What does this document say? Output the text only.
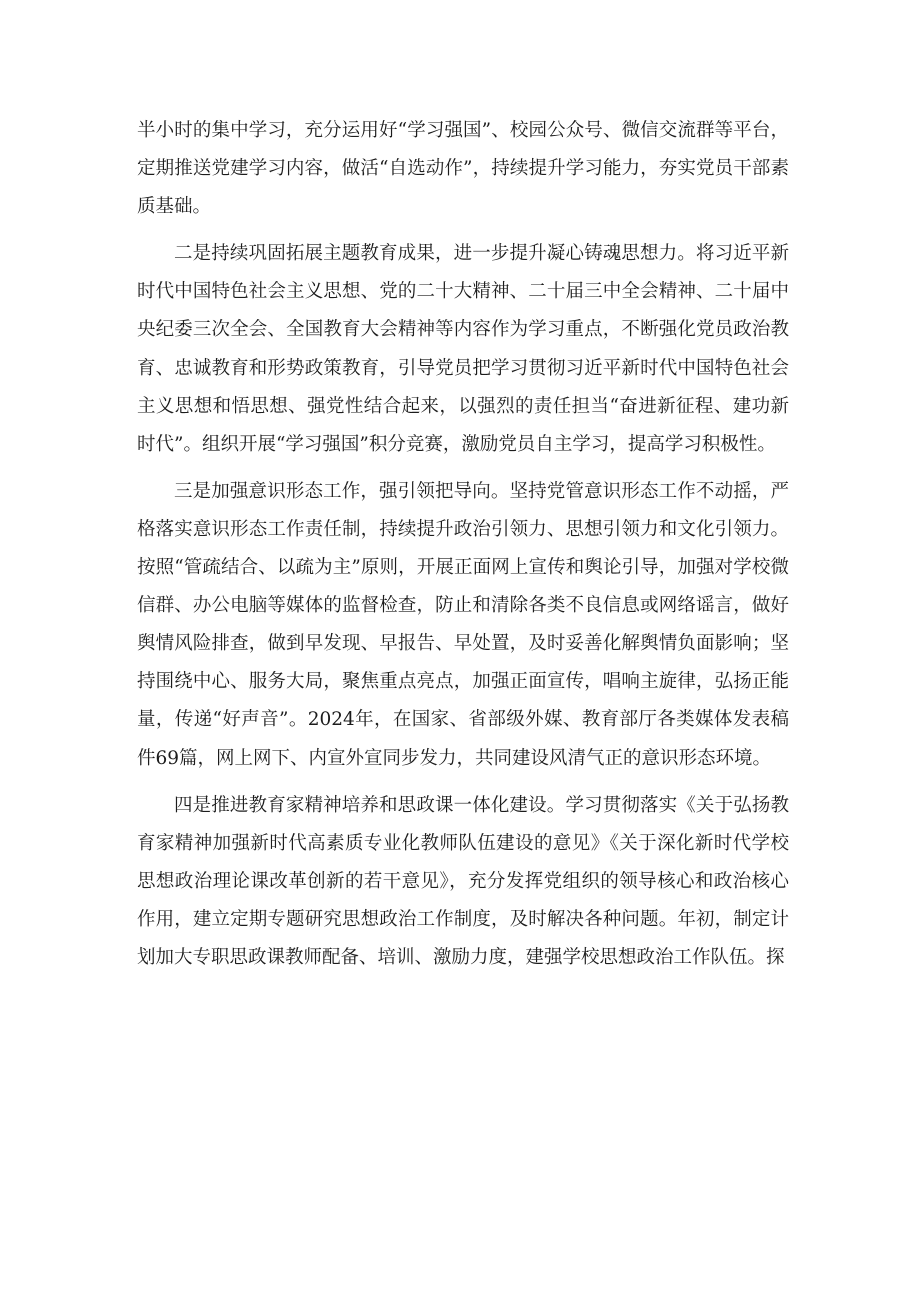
半小时的集中学习，充分运用好“学习强国”、校园公众号、微信交流群等平台，定期推送党建学习内容，做活“自选动作”，持续提升学习能力，夯实党员干部素质基础。

二是持续巩固拓展主题教育成果，进一步提升凝心铸魂思想力。将习近平新时代中国特色社会主义思想、党的二十大精神、二十届三中全会精神、二十届中央纪委三次全会、全国教育大会精神等内容作为学习重点，不断强化党员政治教育、忠诚教育和形势政策教育，引导党员把学习贯彻习近平新时代中国特色社会主义思想和悟思想、强党性结合起来，以强烈的责任担当“奋进新征程、建功新时代”。组织开展“学习强国”积分竞赛，激励党员自主学习，提高学习积极性。

三是加强意识形态工作，强引领把导向。坚持党管意识形态工作不动摇，严格落实意识形态工作责任制，持续提升政治引领力、思想引领力和文化引领力。按照“管疏结合、以疏为主”原则，开展正面网上宣传和舆论引导，加强对学校微信群、办公电脑等媒体的监督检查，防止和清除各类不良信息或网络谣言，做好舆情风险排查，做到早发现、早报告、早处置，及时妥善化解舆情负面影响；坚持围绕中心、服务大局，聚焦重点亮点，加强正面宣传，唱响主旋律，弘扬正能量，传递“好声音”。2024年，在国家、省部级外媒、教育部厅各类媒体发表稿件69篇，网上网下、内宣外宣同步发力，共同建设风清气正的意识形态环境。

四是推进教育家精神培养和思政课一体化建设。学习贯彻落实《关于弘扬教育家精神加强新时代高素质专业化教师队伍建设的意见》《关于深化新时代学校思想政治理论课改革创新的若干意见》，充分发挥党组织的领导核心和政治核心作用，建立定期专题研究思想政治工作制度，及时解决各种问题。年初，制定计划加大专职思政课教师配备、培训、激励力度，建强学校思想政治工作队伍。探
